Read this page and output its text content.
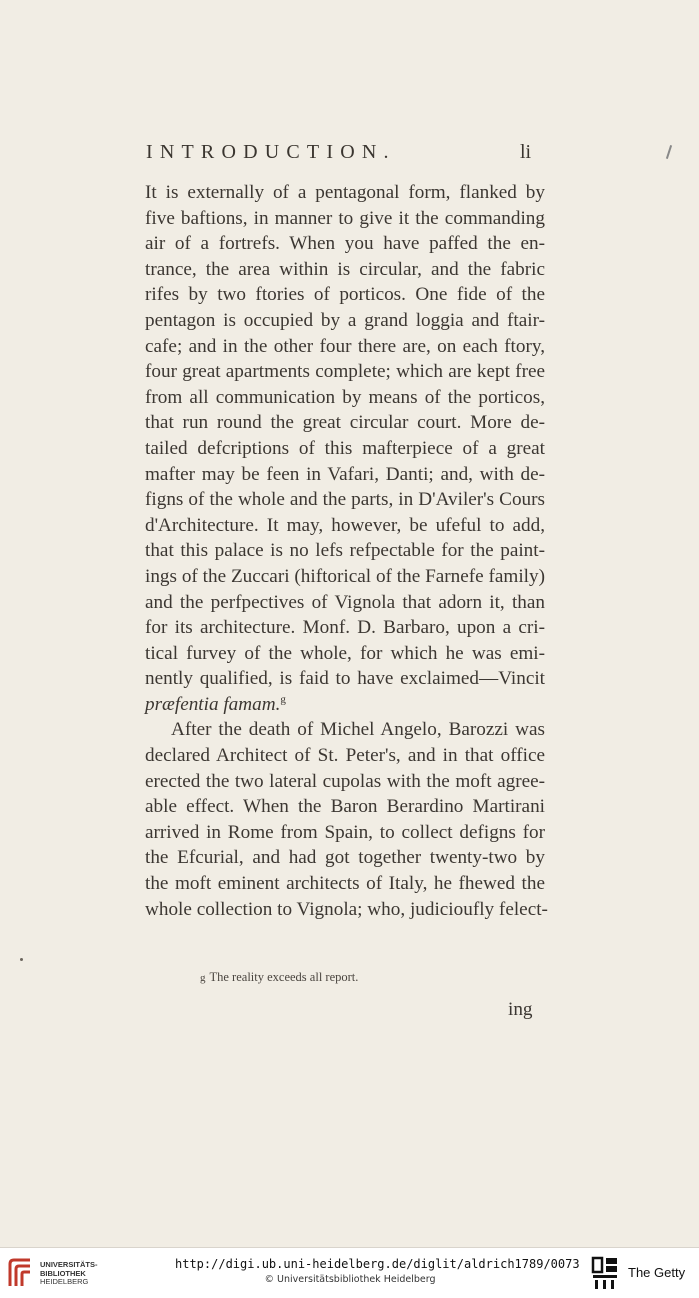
INTRODUCTION.	li
It is externally of a pentagonal form, flanked by
five baftions, in manner to give it the commanding
air of a fortrefs. When you have paffed the en-
trance, the area within is circular, and the fabric
rifes by two ftories of porticos. One fide of the
pentagon is occupied by a grand loggia and ftair-
cafe; and in the other four there are, on each ftory,
four great apartments complete; which are kept free
from all communication by means of the porticos,
that run round the great circular court. More de-
tailed defcriptions of this mafterpiece of a great
mafter may be feen in Vafari, Danti; and, with de-
figns of the whole and the parts, in D'Aviler's Cours
d'Architecture. It may, however, be ufeful to add,
that this palace is no lefs refpectable for the paint-
ings of the Zuccari (hiftorical of the Farnefe family)
and the perfpectives of Vignola that adorn it, than
for its architecture. Monf. D. Barbaro, upon a cri-
tical furvey of the whole, for which he was emi-
nently qualified, is faid to have exclaimed—Vincit
præfentia famam.$^g$
After the death of Michel Angelo, Barozzi was
declared Architect of St. Peter's, and in that office
erected the two lateral cupolas with the moft agree-
able effect. When the Baron Berardino Martirani
arrived in Rome from Spain, to collect defigns for
the Efcurial, and had got together twenty-two by
the moft eminent architects of Italy, he fhewed the
whole collection to Vignola; who, judicioufly felect-
g The reality exceeds all report.
ing
UNIVERSITÄTS-
BIBLIOTHEK
HEIDELBERG
http://digi.ub.uni-heidelberg.de/diglit/aldrich1789/0073
© Universitätsbibliothek Heidelberg	The Getty
